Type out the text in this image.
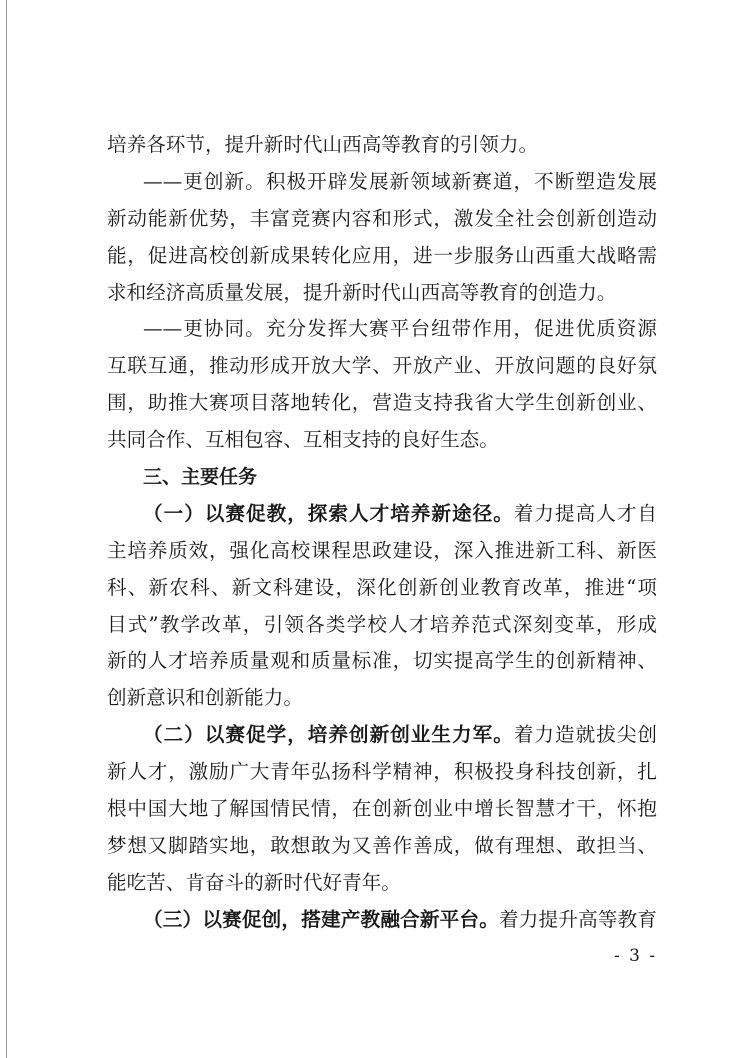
培养各环节，提升新时代山西高等教育的引领力。
——更创新。积极开辟发展新领域新赛道，不断塑造发展
新动能新优势，丰富竞赛内容和形式，激发全社会创新创造动
能，促进高校创新成果转化应用，进一步服务山西重大战略需
求和经济高质量发展，提升新时代山西高等教育的创造力。
——更协同。充分发挥大赛平台纽带作用，促进优质资源
互联互通，推动形成开放大学、开放产业、开放问题的良好氛
围，助推大赛项目落地转化，营造支持我省大学生创新创业、
共同合作、互相包容、互相支持的良好生态。
三、主要任务
（一）以赛促教，探索人才培养新途径。着力提高人才自
主培养质效，强化高校课程思政建设，深入推进新工科、新医
科、新农科、新文科建设，深化创新创业教育改革，推进“项
目式”教学改革，引领各类学校人才培养范式深刻变革，形成
新的人才培养质量观和质量标准，切实提高学生的创新精神、
创新意识和创新能力。
（二）以赛促学，培养创新创业生力军。着力造就拔尖创
新人才，激励广大青年弘扬科学精神，积极投身科技创新，扎
根中国大地了解国情民情，在创新创业中增长智慧才干，怀抱
梦想又脚踏实地，敢想敢为又善作善成，做有理想、敢担当、
能吃苦、肯奋斗的新时代好青年。
（三）以赛促创，搭建产教融合新平台。着力提升高等教育
- 3 -
